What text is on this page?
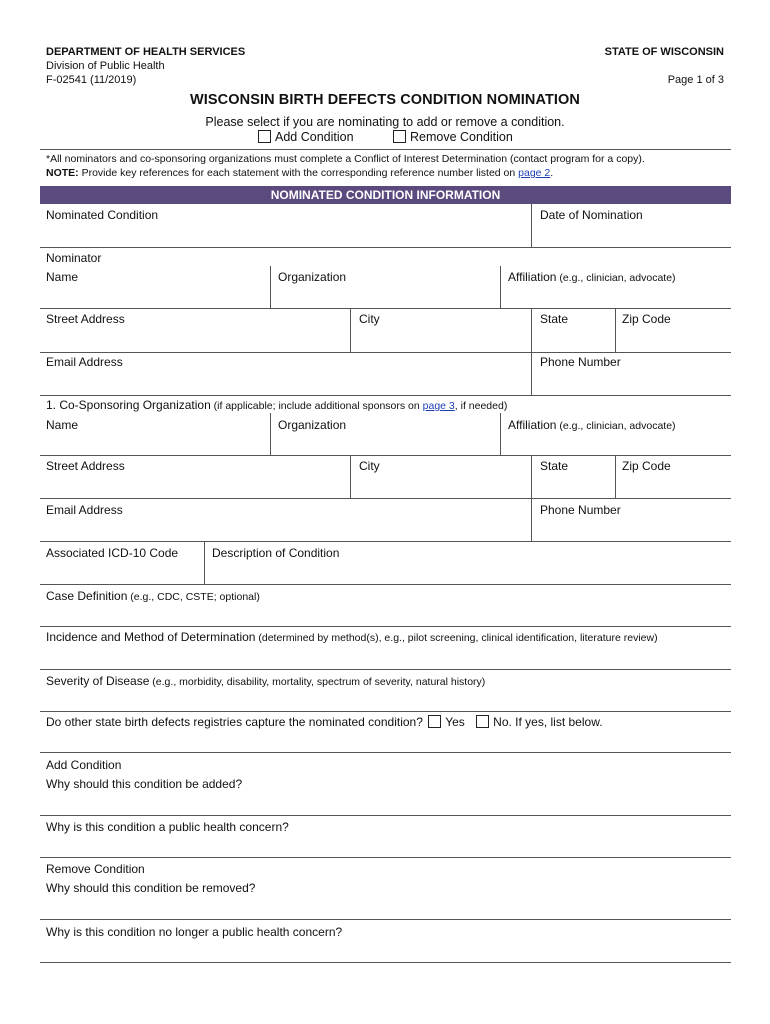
DEPARTMENT OF HEALTH SERVICES
Division of Public Health
F-02541 (11/2019)
STATE OF WISCONSIN
Page 1 of 3
WISCONSIN BIRTH DEFECTS CONDITION NOMINATION
Please select if you are nominating to add or remove a condition.
Add Condition	Remove Condition
*All nominators and co-sponsoring organizations must complete a Conflict of Interest Determination (contact program for a copy).
NOTE: Provide key references for each statement with the corresponding reference number listed on page 2.
NOMINATED CONDITION INFORMATION
Nominated Condition	Date of Nomination
Nominator
Name	Organization	Affiliation (e.g., clinician, advocate)
Street Address	City	State	Zip Code
Email Address	Phone Number
1. Co-Sponsoring Organization (if applicable; include additional sponsors on page 3, if needed)
Name	Organization	Affiliation (e.g., clinician, advocate)
Street Address	City	State	Zip Code
Email Address	Phone Number
Associated ICD-10 Code	Description of Condition
Case Definition (e.g., CDC, CSTE; optional)
Incidence and Method of Determination (determined by method(s), e.g., pilot screening, clinical identification, literature review)
Severity of Disease (e.g., morbidity, disability, mortality, spectrum of severity, natural history)
Do other state birth defects registries capture the nominated condition? Yes No. If yes, list below.
Add Condition
Why should this condition be added?
Why is this condition a public health concern?
Remove Condition
Why should this condition be removed?
Why is this condition no longer a public health concern?
